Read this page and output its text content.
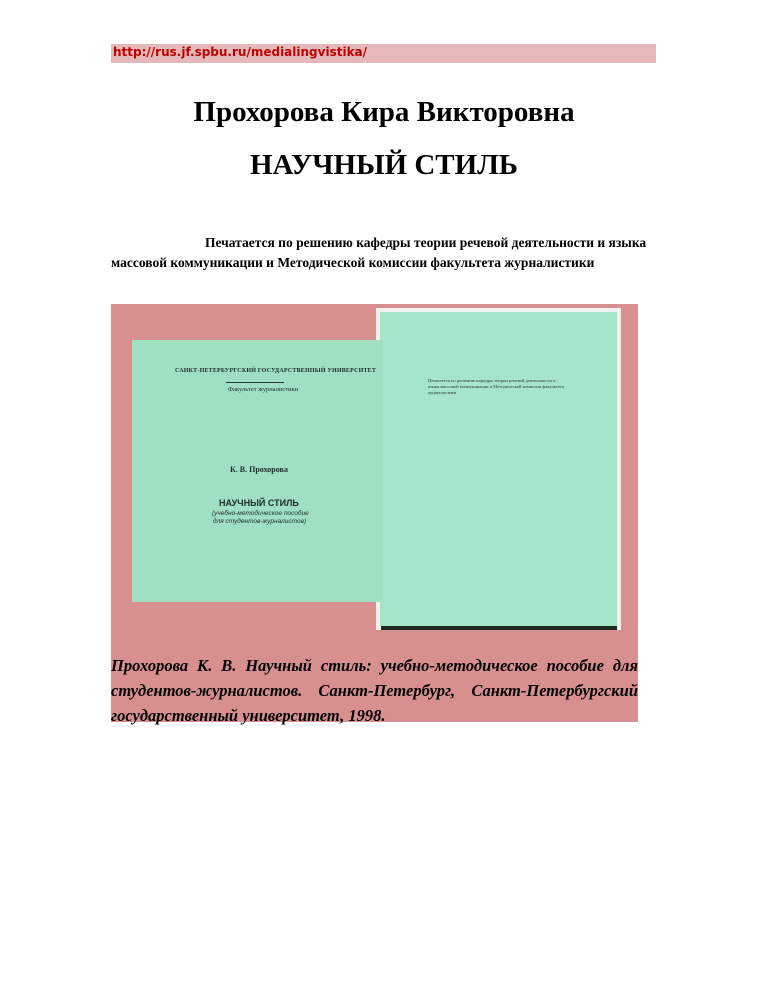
http://rus.jf.spbu.ru/medialingvistika/
Прохорова Кира Викторовна
НАУЧНЫЙ СТИЛЬ
Печатается по решению кафедры теории речевой деятельности и языка массовой коммуникации и Методической комиссии факультета журналистики
Печатается по решению кафедры теории речевой деятельности и
языка массовой коммуникации и Методической комиссии факультета
журналистики
САНКТ-ПЕТЕРБУРГСКИЙ ГОСУДАРСТВЕННЫЙ УНИВЕРСИТЕТ
Факультет журналистики
К. В. Прохорова
НАУЧНЫЙ СТИЛЬ
(учебно-методическое пособие
для студентов-журналистов)

Прохорова К. В. Научный стиль: учебно‑методическое пособие для студентов‑журналистов. Санкт‑Петербург, Санкт‑Петербургский государственный университет, 1998.
